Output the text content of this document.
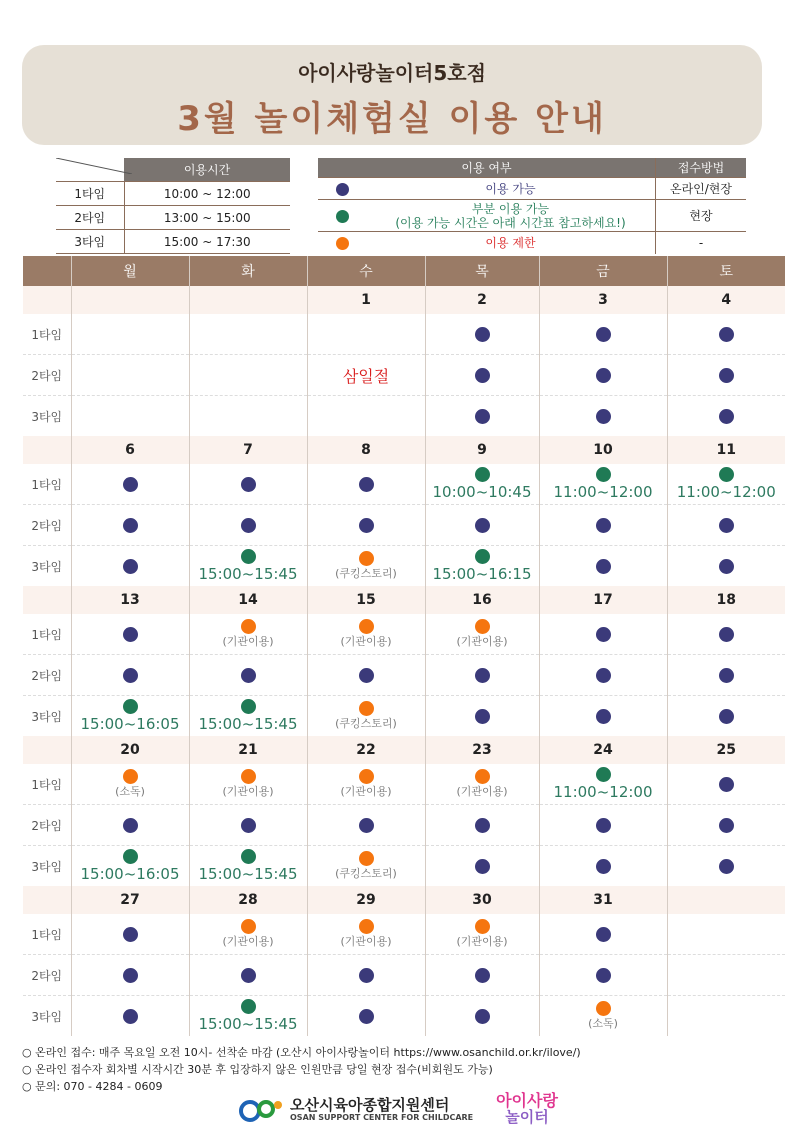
아이사랑놀이터5호점
3월 놀이체험실 이용 안내
	이용시간
1타임	10:00 ~ 12:00
2타임	13:00 ~ 15:00
3타임	15:00 ~ 17:30
이용 여부		접수방법
	이용 가능	온라인/현장
	부분 이용 가능
(이용 가능 시간은 아래 시간표 참고하세요!)	현장
	이용 제한	-
	월	화	수	목	금	토
			1	2	3	4
1타임				

2타임			삼일절	

3타임				

	6	7	8	9	10	11
1타임				10:00~10:45	11:00~12:00	11:00~12:00

2타임	

3타임		15:00~15:45	(쿠킹스토리)	15:00~16:15		

	13	14	15	16	17	18
1타임		(기관이용)	(기관이용)	(기관이용)		

2타임	

3타임	15:00~16:05	15:00~15:45	(쿠킹스토리)			

	20	21	22	23	24	25
1타임	(소독)	(기관이용)	(기관이용)	(기관이용)	11:00~12:00	

2타임	

3타임	15:00~16:05	15:00~15:45	(쿠킹스토리)			

	27	28	29	30	31	
1타임		(기관이용)	(기관이용)	(기관이용)		

2타임	

3타임		15:00~15:45			(소독)	

○ 온라인 접수: 매주 목요일 오전 10시- 선착순 마감 (오산시 아이사랑놀이터 https://www.osanchild.or.kr/ilove/)
○ 온라인 접수자 회차별 시작시간 30분 후 입장하지 않은 인원만큼 당일 현장 접수(비회원도 가능)
○ 문의: 070 - 4284 - 0609
오산시육아종합지원센터
OSAN SUPPORT CENTER FOR CHILDCARE
아이사랑
놀이터
